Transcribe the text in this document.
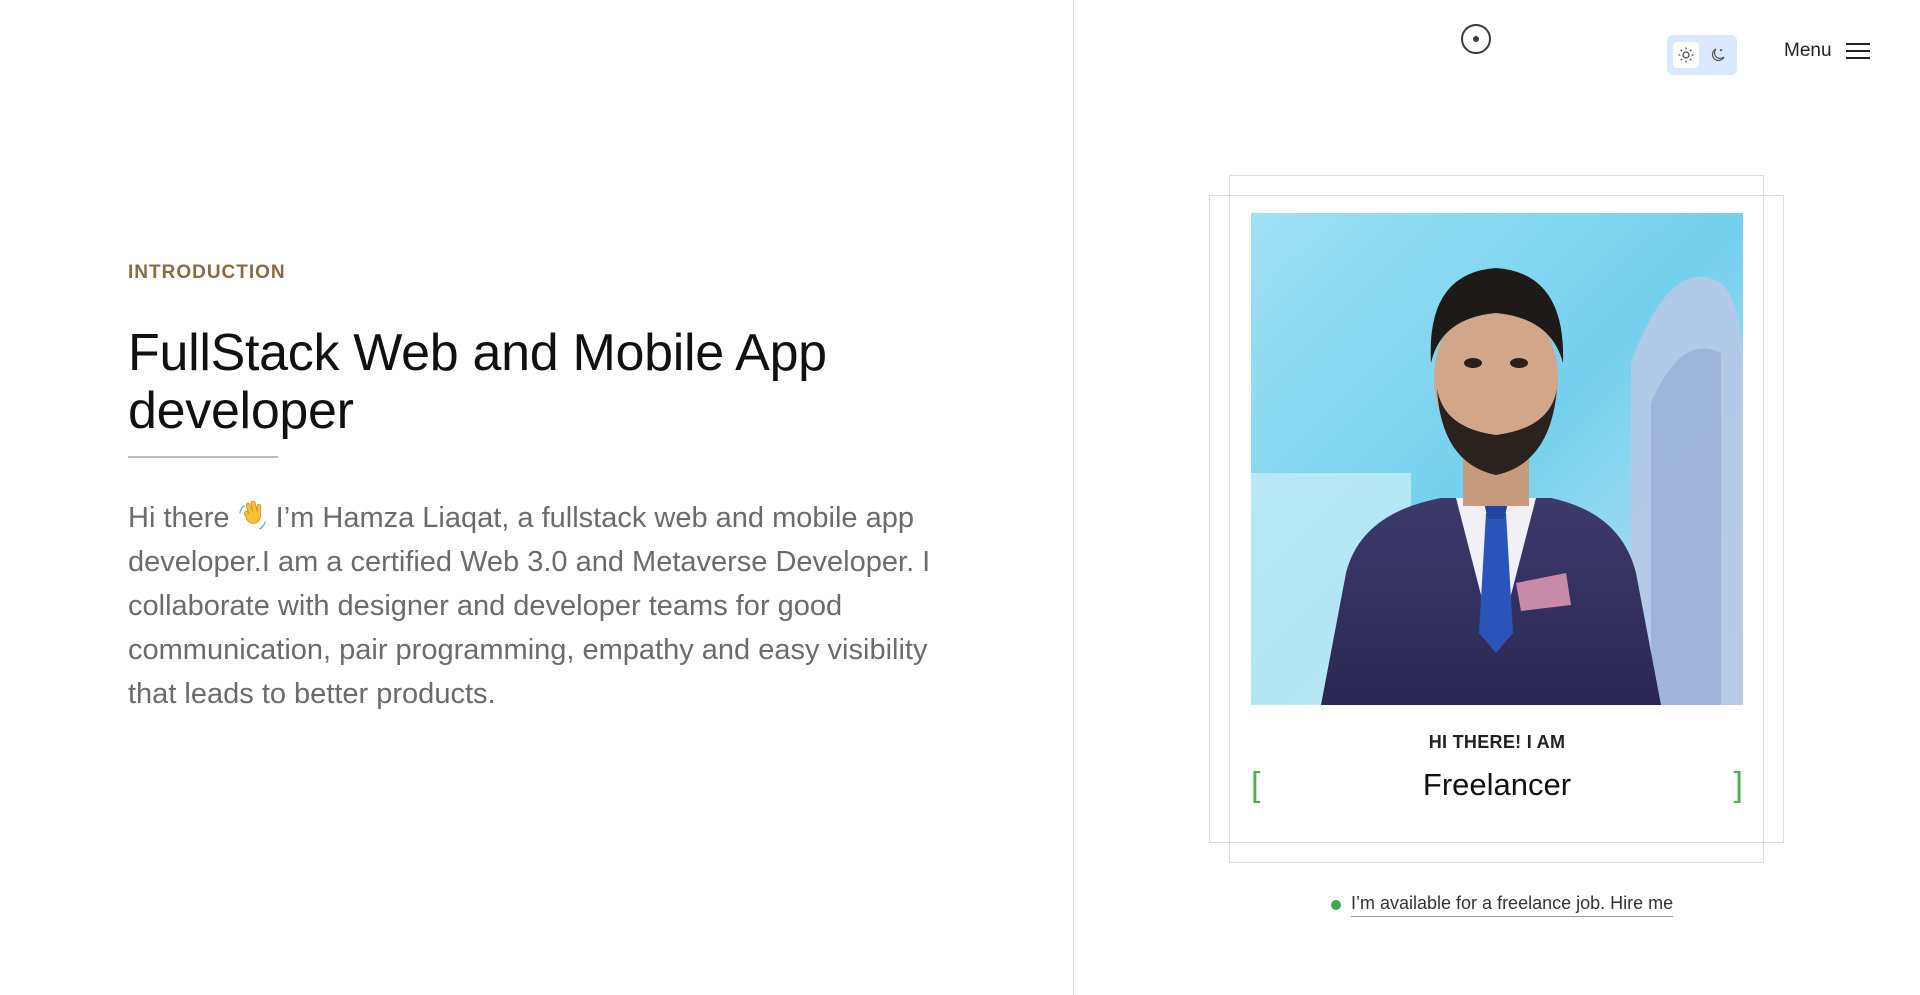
Menu
INTRODUCTION
FullStack Web and Mobile App developer

Hi there  I’m Hamza Liaqat, a fullstack web and mobile app developer.I am a certified Web 3.0 and Metaverse Developer. I collaborate with designer and developer teams for good communication, pair programming, empathy and easy visibility that leads to better products.

HI THERE! I AM
[	Freelancer	]
I’m available for a freelance job. Hire me
